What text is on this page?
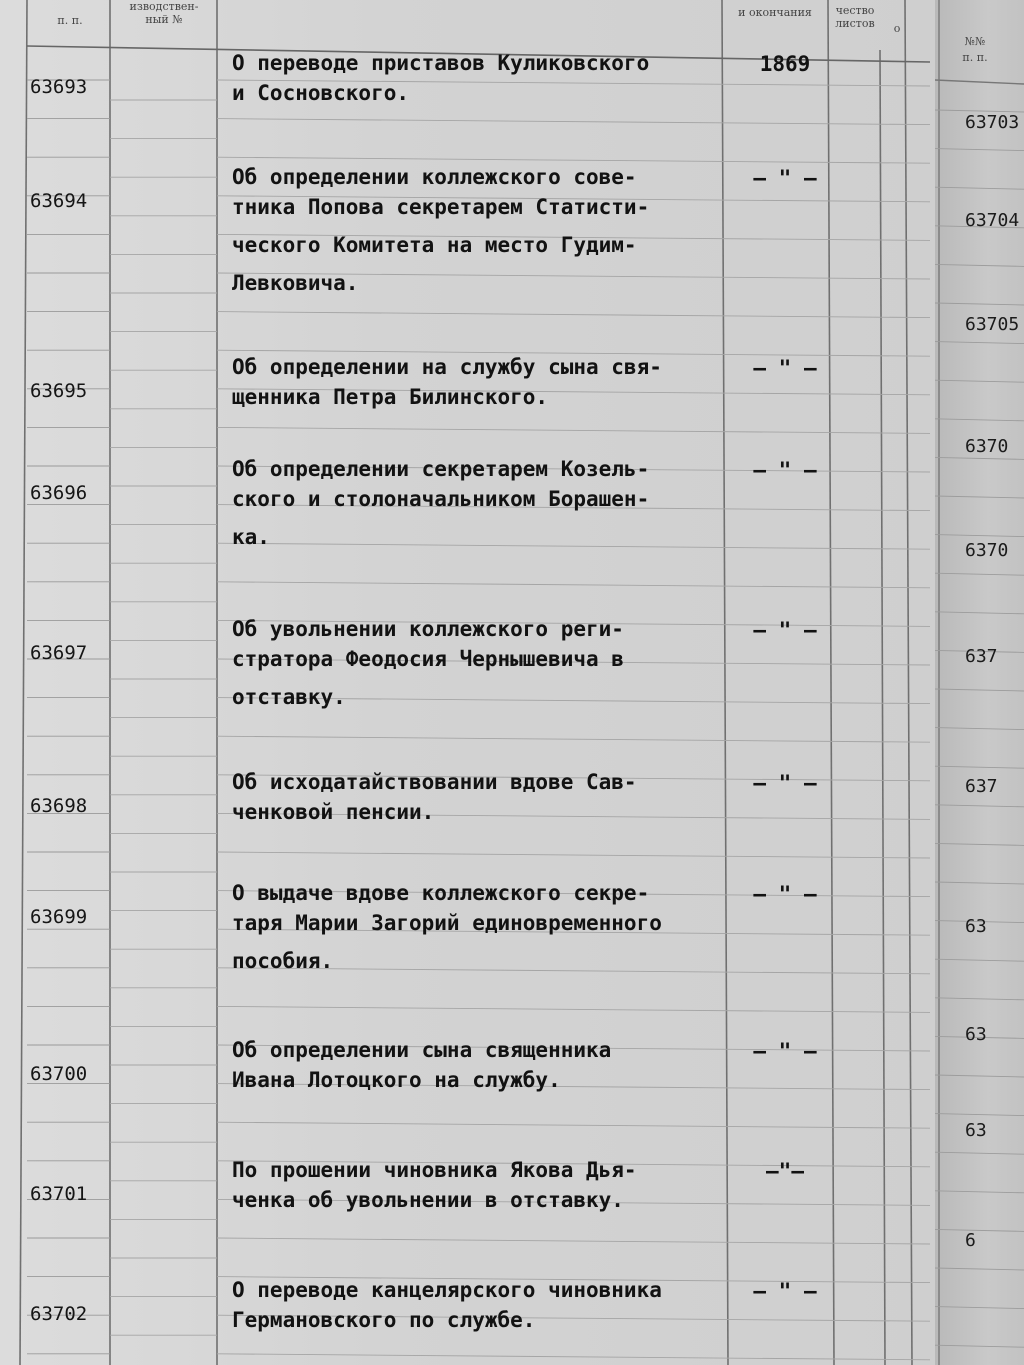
п. п.
изводствен-
ный №
и окончания	чество
листов	о
63693
О переводе приставов Куликовского
и Сосновского.
1869
63694
Об определении коллежского сове-
тника Попова секретарем Статисти-
ческого Комитета на место Гудим-
Левковича.
– " –
63695
Об определении на службу сына свя-
щенника Петра Билинского.
– " –
63696
Об определении секретарем Козель-
ского и столоначальником Борашен-
ка.
– " –
63697
Об увольнении коллежского реги-
стратора Феодосия Чернышевича в
отставку.
– " –
63698
Об исходатайствовании вдове Сав-
ченковой пенсии.
– " –
63699
О выдаче вдове коллежского секре-
таря Марии Загорий единовременного
пособия.
– " –
63700
Об определении сына священника
Ивана Лотоцкого на службу.
– " –
63701
По прошении чиновника Якова Дья-
ченка об увольнении в отставку.
–"–
63702
О переводе канцелярского чиновника
Германовского по службе.
– " –
№№
п. п.
63703
63704
63705
6370
6370
637
637
63
63
63
6
